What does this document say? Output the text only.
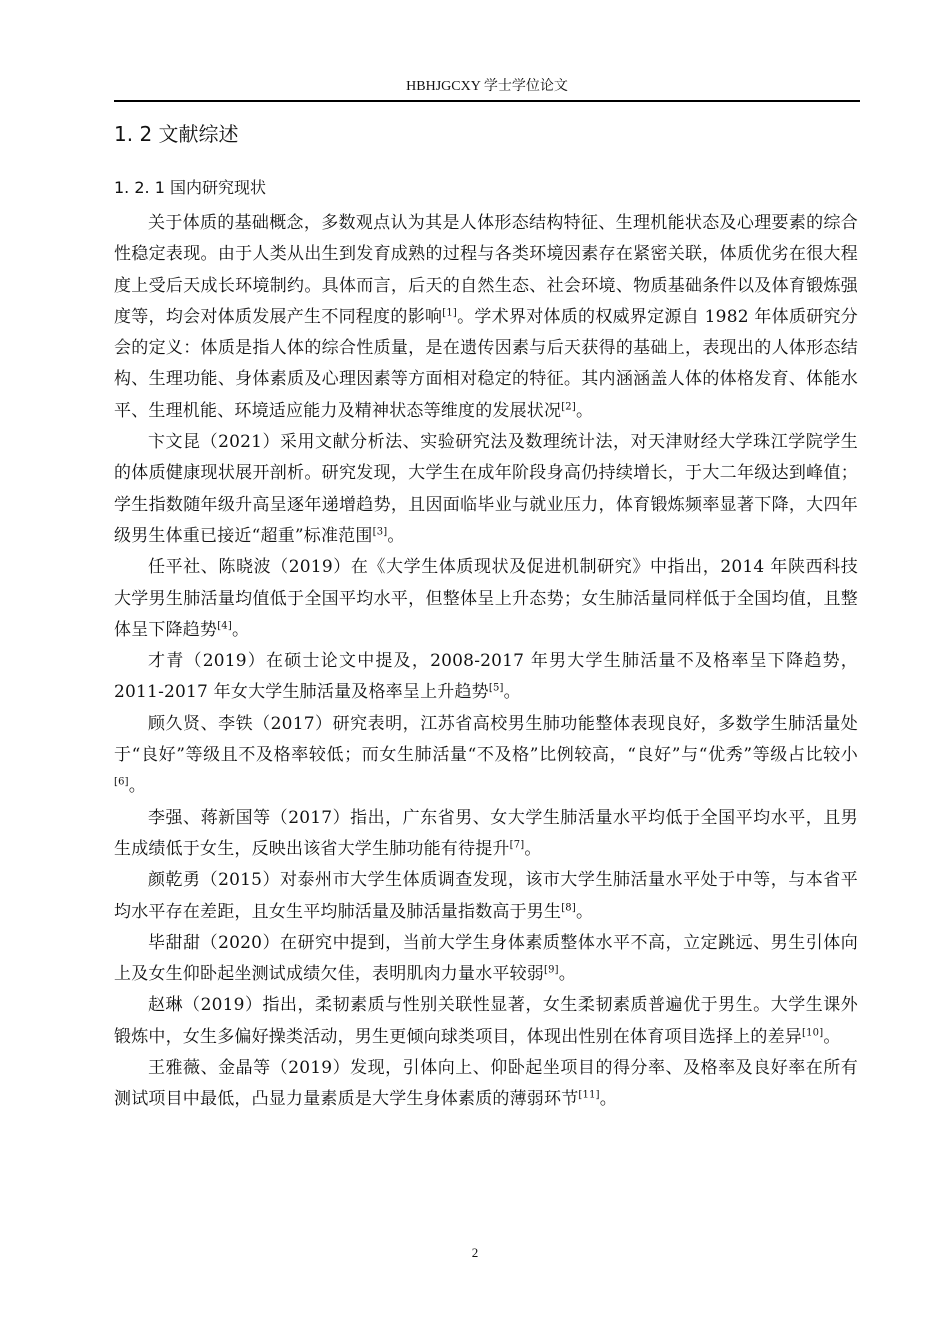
HBHJGCXY 学士学位论文
1. 2 文献综述
1. 2. 1 国内研究现状

关于体质的基础概念，多数观点认为其是人体形态结构特征、生理机能状态及心理要素的综合性稳定表现。由于人类从出生到发育成熟的过程与各类环境因素存在紧密关联，体质优劣在很大程度上受后天成长环境制约。具体而言，后天的自然生态、社会环境、物质基础条件以及体育锻炼强度等，均会对体质发展产生不同程度的影响[1]。学术界对体质的权威界定源自 1982 年体质研究分会的定义：体质是指人体的综合性质量，是在遗传因素与后天获得的基础上，表现出的人体形态结构、生理功能、身体素质及心理因素等方面相对稳定的特征。其内涵涵盖人体的体格发育、体能水平、生理机能、环境适应能力及精神状态等维度的发展状况[2]。

卞文昆（2021）采用文献分析法、实验研究法及数理统计法，对天津财经大学珠江学院学生的体质健康现状展开剖析。研究发现，大学生在成年阶段身高仍持续增长，于大二年级达到峰值；学生指数随年级升高呈逐年递增趋势，且因面临毕业与就业压力，体育锻炼频率显著下降，大四年级男生体重已接近“超重”标准范围[3]。

任平社、陈晓波（2019）在《大学生体质现状及促进机制研究》中指出，2014 年陕西科技大学男生肺活量均值低于全国平均水平，但整体呈上升态势；女生肺活量同样低于全国均值，且整体呈下降趋势[4]。

才青（2019）在硕士论文中提及，2008-2017 年男大学生肺活量不及格率呈下降趋势，2011-2017 年女大学生肺活量及格率呈上升趋势[5]。

顾久贤、李铁（2017）研究表明，江苏省高校男生肺功能整体表现良好，多数学生肺活量处于“良好”等级且不及格率较低；而女生肺活量“不及格”比例较高，“良好”与“优秀”等级占比较小[6]。

李强、蒋新国等（2017）指出，广东省男、女大学生肺活量水平均低于全国平均水平，且男生成绩低于女生，反映出该省大学生肺功能有待提升[7]。

颜乾勇（2015）对泰州市大学生体质调查发现，该市大学生肺活量水平处于中等，与本省平均水平存在差距，且女生平均肺活量及肺活量指数高于男生[8]。

毕甜甜（2020）在研究中提到，当前大学生身体素质整体水平不高，立定跳远、男生引体向上及女生仰卧起坐测试成绩欠佳，表明肌肉力量水平较弱[9]。

赵琳（2019）指出，柔韧素质与性别关联性显著，女生柔韧素质普遍优于男生。大学生课外锻炼中，女生多偏好操类活动，男生更倾向球类项目，体现出性别在体育项目选择上的差异[10]。

王雅薇、金晶等（2019）发现，引体向上、仰卧起坐项目的得分率、及格率及良好率在所有测试项目中最低，凸显力量素质是大学生身体素质的薄弱环节[11]。

2
